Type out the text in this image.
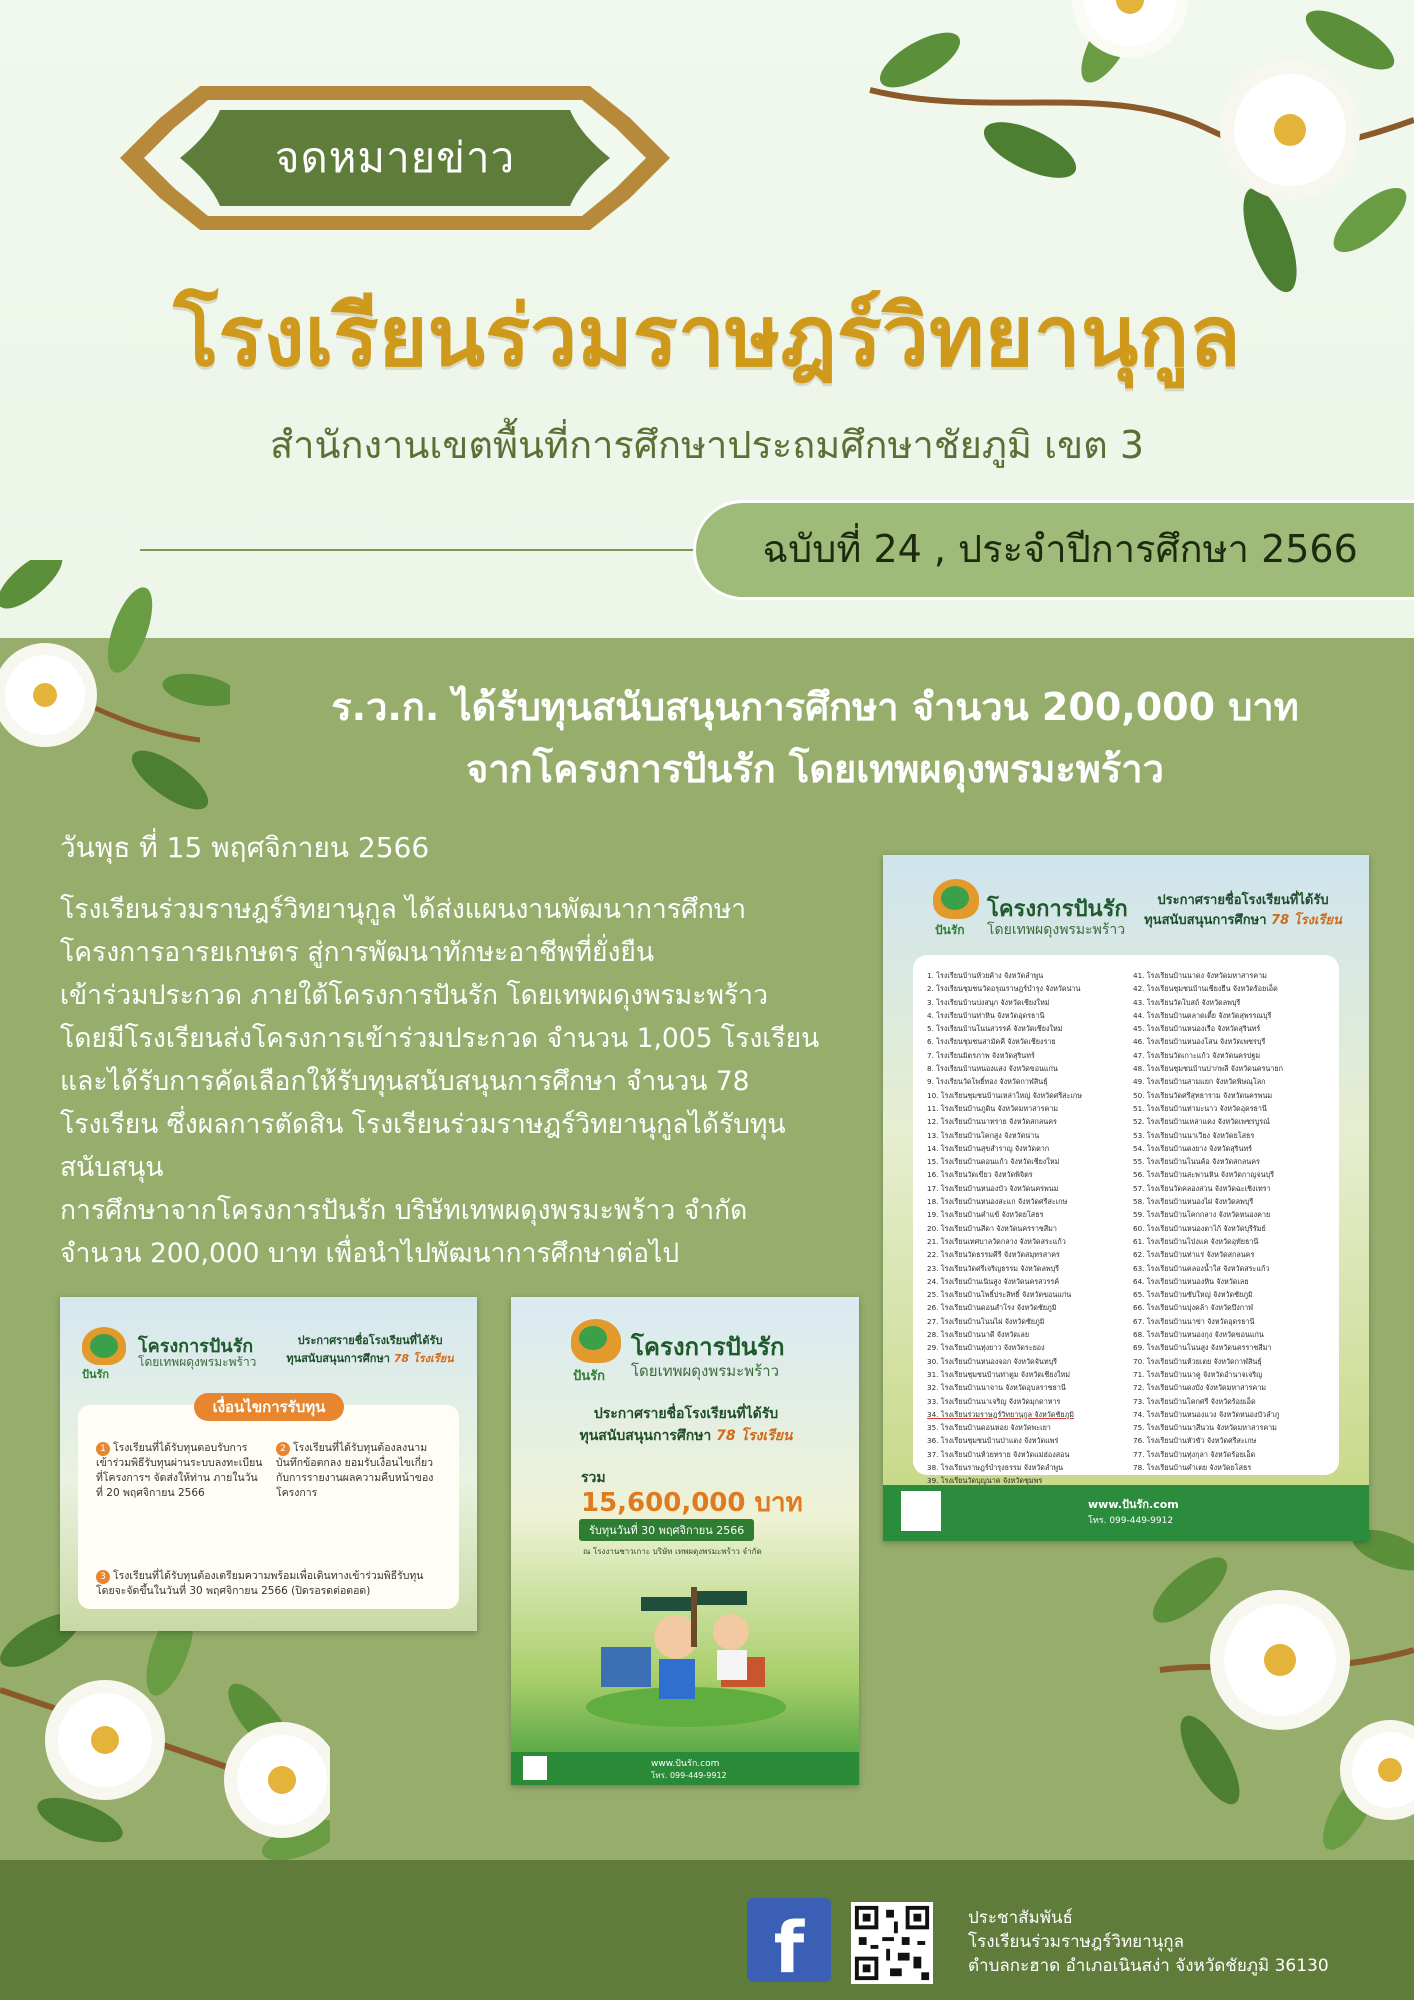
จดหมายข่าว
โรงเรียนร่วมราษฎร์วิทยานุกูล
สำนักงานเขตพื้นที่การศึกษาประถมศึกษาชัยภูมิ เขต 3
ฉบับที่ 24 , ประจำปีการศึกษา 2566
ร.ว.ก. ได้รับทุนสนับสนุนการศึกษา จำนวน 200,000 บาท
จากโครงการปันรัก โดยเทพผดุงพรมะพร้าว
วันพุธ ที่ 15 พฤศจิกายน 2566
โรงเรียนร่วมราษฎร์วิทยานุกูล ได้ส่งแผนงานพัฒนาการศึกษา
โครงการอารยเกษตร สู่การพัฒนาทักษะอาชีพที่ยั่งยืน
เข้าร่วมประกวด ภายใต้โครงการปันรัก โดยเทพผดุงพรมะพร้าว
โดยมีโรงเรียนส่งโครงการเข้าร่วมประกวด จำนวน 1,005 โรงเรียน
และได้รับการคัดเลือกให้รับทุนสนับสนุนการศึกษา จำนวน 78
โรงเรียน ซึ่งผลการตัดสิน โรงเรียนร่วมราษฎร์วิทยานุกูลได้รับทุน
สนับสนุน
การศึกษาจากโครงการปันรัก บริษัทเทพผดุงพรมะพร้าว จำกัด
จำนวน 200,000 บาท เพื่อนำไปพัฒนาการศึกษาต่อไป
ปันรัก
โครงการปันรัก
โดยเทพผดุงพรมะพร้าว
ประกาศรายชื่อโรงเรียนที่ได้รับ
ทุนสนับสนุนการศึกษา 78 โรงเรียน
1 โรงเรียนที่ได้รับทุนตอบรับการเข้าร่วมพิธีรับทุนผ่านระบบลงทะเบียนที่โครงการฯ จัดส่งให้ท่าน ภายในวันที่ 20 พฤศจิกายน 2566
2 โรงเรียนที่ได้รับทุนต้องลงนามบันทึกข้อตกลง ยอมรับเงื่อนไขเกี่ยวกับการรายงานผลความคืบหน้าของโครงการ
3 โรงเรียนที่ได้รับทุนต้องเตรียมความพร้อมเพื่อเดินทางเข้าร่วมพิธีรับทุน โดยจะจัดขึ้นในวันที่ 30 พฤศจิกายน 2566 (ปิดรอรดต่อตอด)
เงื่อนไขการรับทุน
ปันรัก
โครงการปันรัก
โดยเทพผดุงพรมะพร้าว
ประกาศรายชื่อโรงเรียนที่ได้รับ
ทุนสนับสนุนการศึกษา 78 โรงเรียน
รวม
15,600,000 บาท
รับทุนวันที่ 30 พฤศจิกายน 2566
ณ โรงงานชาวเกาะ บริษัท เทพผดุงพรมะพร้าว จำกัด
www.ปันรัก.com
โทร. 099-449-9912
ปันรัก
โครงการปันรัก
โดยเทพผดุงพรมะพร้าว
ประกาศรายชื่อโรงเรียนที่ได้รับ
ทุนสนับสนุนการศึกษา 78 โรงเรียน
1. โรงเรียนบ้านห้วยค้าง จังหวัดลำพูน
2. โรงเรียนชุมชนวัดอรุณราษฎร์บำรุง จังหวัดน่าน
3. โรงเรียนบ้านปงสนุก จังหวัดเชียงใหม่
4. โรงเรียนบ้านท่าหิน จังหวัดอุดรธานี
5. โรงเรียนบ้านโนนสวรรค์ จังหวัดเชียงใหม่
6. โรงเรียนชุมชนสามัคคี จังหวัดเชียงราย
7. โรงเรียนมิตรภาพ จังหวัดสุรินทร์
8. โรงเรียนบ้านหนองแสง จังหวัดขอนแก่น
9. โรงเรียนวัดโพธิ์ทอง จังหวัดกาฬสินธุ์
10. โรงเรียนชุมชนบ้านเหล่าใหญ่ จังหวัดศรีสะเกษ
11. โรงเรียนบ้านภูดิน จังหวัดมหาสารคาม
12. โรงเรียนบ้านนาทราย จังหวัดสกลนคร
13. โรงเรียนบ้านโคกสูง จังหวัดน่าน
14. โรงเรียนบ้านสุขสำราญ จังหวัดตาก
15. โรงเรียนบ้านดอนแก้ว จังหวัดเชียงใหม่
16. โรงเรียนวัดเขียว จังหวัดพิจิตร
17. โรงเรียนบ้านหนองบัว จังหวัดนครพนม
18. โรงเรียนบ้านหนองสะแก จังหวัดศรีสะเกษ
19. โรงเรียนบ้านคำแข้ จังหวัดยโสธร
20. โรงเรียนบ้านสีดา จังหวัดนครราชสีมา
21. โรงเรียนเทศบาลวัดกลาง จังหวัดสระแก้ว
22. โรงเรียนวัดธรรมคีรี จังหวัดสมุทรสาคร
23. โรงเรียนวัดศรีเจริญธรรม จังหวัดลพบุรี
24. โรงเรียนบ้านเนินสูง จังหวัดนครสวรรค์
25. โรงเรียนบ้านโพธิ์ประสิทธิ์ จังหวัดขอนแก่น
26. โรงเรียนบ้านดอนสำโรง จังหวัดชัยภูมิ
27. โรงเรียนบ้านโนนไผ่ จังหวัดชัยภูมิ
28. โรงเรียนบ้านนาดี จังหวัดเลย
29. โรงเรียนบ้านทุ่งยาว จังหวัดระยอง
30. โรงเรียนบ้านหนองจอก จังหวัดจันทบุรี
31. โรงเรียนชุมชนบ้านท่าตูม จังหวัดเชียงใหม่
32. โรงเรียนบ้านนาจาน จังหวัดอุบลราชธานี
33. โรงเรียนบ้านนาเจริญ จังหวัดมุกดาหาร
34. โรงเรียนร่วมราษฎร์วิทยานุกูล จังหวัดชัยภูมิ
35. โรงเรียนบ้านดอนหอย จังหวัดพะเยา
36. โรงเรียนชุมชนบ้านป่าแดง จังหวัดแพร่
37. โรงเรียนบ้านห้วยทราย จังหวัดแม่ฮ่องสอน
38. โรงเรียนราษฎร์บำรุงธรรม จังหวัดลำพูน
39. โรงเรียนวัดบุญนาค จังหวัดชุมพร
41. โรงเรียนบ้านนาดง จังหวัดมหาสารคาม
42. โรงเรียนชุมชนบ้านเชียงยืน จังหวัดร้อยเอ็ด
43. โรงเรียนวัดโบสถ์ จังหวัดลพบุรี
44. โรงเรียนบ้านตลาดเตี้ย จังหวัดสุพรรณบุรี
45. โรงเรียนบ้านหนองเรือ จังหวัดสุรินทร์
46. โรงเรียนบ้านหนองโสน จังหวัดเพชรบุรี
47. โรงเรียนวัดเกาะแก้ว จังหวัดนครปฐม
48. โรงเรียนชุมชนบ้านปากพลี จังหวัดนครนายก
49. โรงเรียนบ้านสามแยก จังหวัดพิษณุโลก
50. โรงเรียนวัดศรีสุทธาราม จังหวัดนครพนม
51. โรงเรียนบ้านท่ามะนาว จังหวัดอุดรธานี
52. โรงเรียนบ้านเหล่าแดง จังหวัดเพชรบูรณ์
53. โรงเรียนบ้านนาเวียง จังหวัดยโสธร
54. โรงเรียนบ้านดงยาง จังหวัดสุรินทร์
55. โรงเรียนบ้านโนนค้อ จังหวัดสกลนคร
56. โรงเรียนบ้านสะพานหิน จังหวัดกาญจนบุรี
57. โรงเรียนวัดคลองสวน จังหวัดฉะเชิงเทรา
58. โรงเรียนบ้านหนองไผ่ จังหวัดลพบุรี
59. โรงเรียนบ้านโคกกลาง จังหวัดหนองคาย
60. โรงเรียนบ้านหนองตาไก้ จังหวัดบุรีรัมย์
61. โรงเรียนบ้านโป่งแค จังหวัดอุทัยธานี
62. โรงเรียนบ้านท่าแร่ จังหวัดสกลนคร
63. โรงเรียนบ้านคลองน้ำใส จังหวัดสระแก้ว
64. โรงเรียนบ้านหนองหิน จังหวัดเลย
65. โรงเรียนบ้านซับใหญ่ จังหวัดชัยภูมิ
66. โรงเรียนบ้านบุ่งคล้า จังหวัดบึงกาฬ
67. โรงเรียนบ้านนาข่า จังหวัดอุดรธานี
68. โรงเรียนบ้านหนองกุง จังหวัดขอนแก่น
69. โรงเรียนบ้านโนนสูง จังหวัดนครราชสีมา
70. โรงเรียนบ้านห้วยเตย จังหวัดกาฬสินธุ์
71. โรงเรียนบ้านนาคู จังหวัดอำนาจเจริญ
72. โรงเรียนบ้านดงบัง จังหวัดมหาสารคาม
73. โรงเรียนบ้านโคกศรี จังหวัดร้อยเอ็ด
74. โรงเรียนบ้านหนองแวง จังหวัดหนองบัวลำภู
75. โรงเรียนบ้านนาสีนวน จังหวัดมหาสารคาม
76. โรงเรียนบ้านหัวขัว จังหวัดศรีสะเกษ
77. โรงเรียนบ้านทุ่งกุลา จังหวัดร้อยเอ็ด
78. โรงเรียนบ้านคำเตย จังหวัดยโสธร
www.ปันรัก.com
โทร. 099-449-9912
f	ประชาสัมพันธ์
โรงเรียนร่วมราษฎร์วิทยานุกูล
ตำบลกะฮาด อำเภอเนินสง่า จังหวัดชัยภูมิ 36130
